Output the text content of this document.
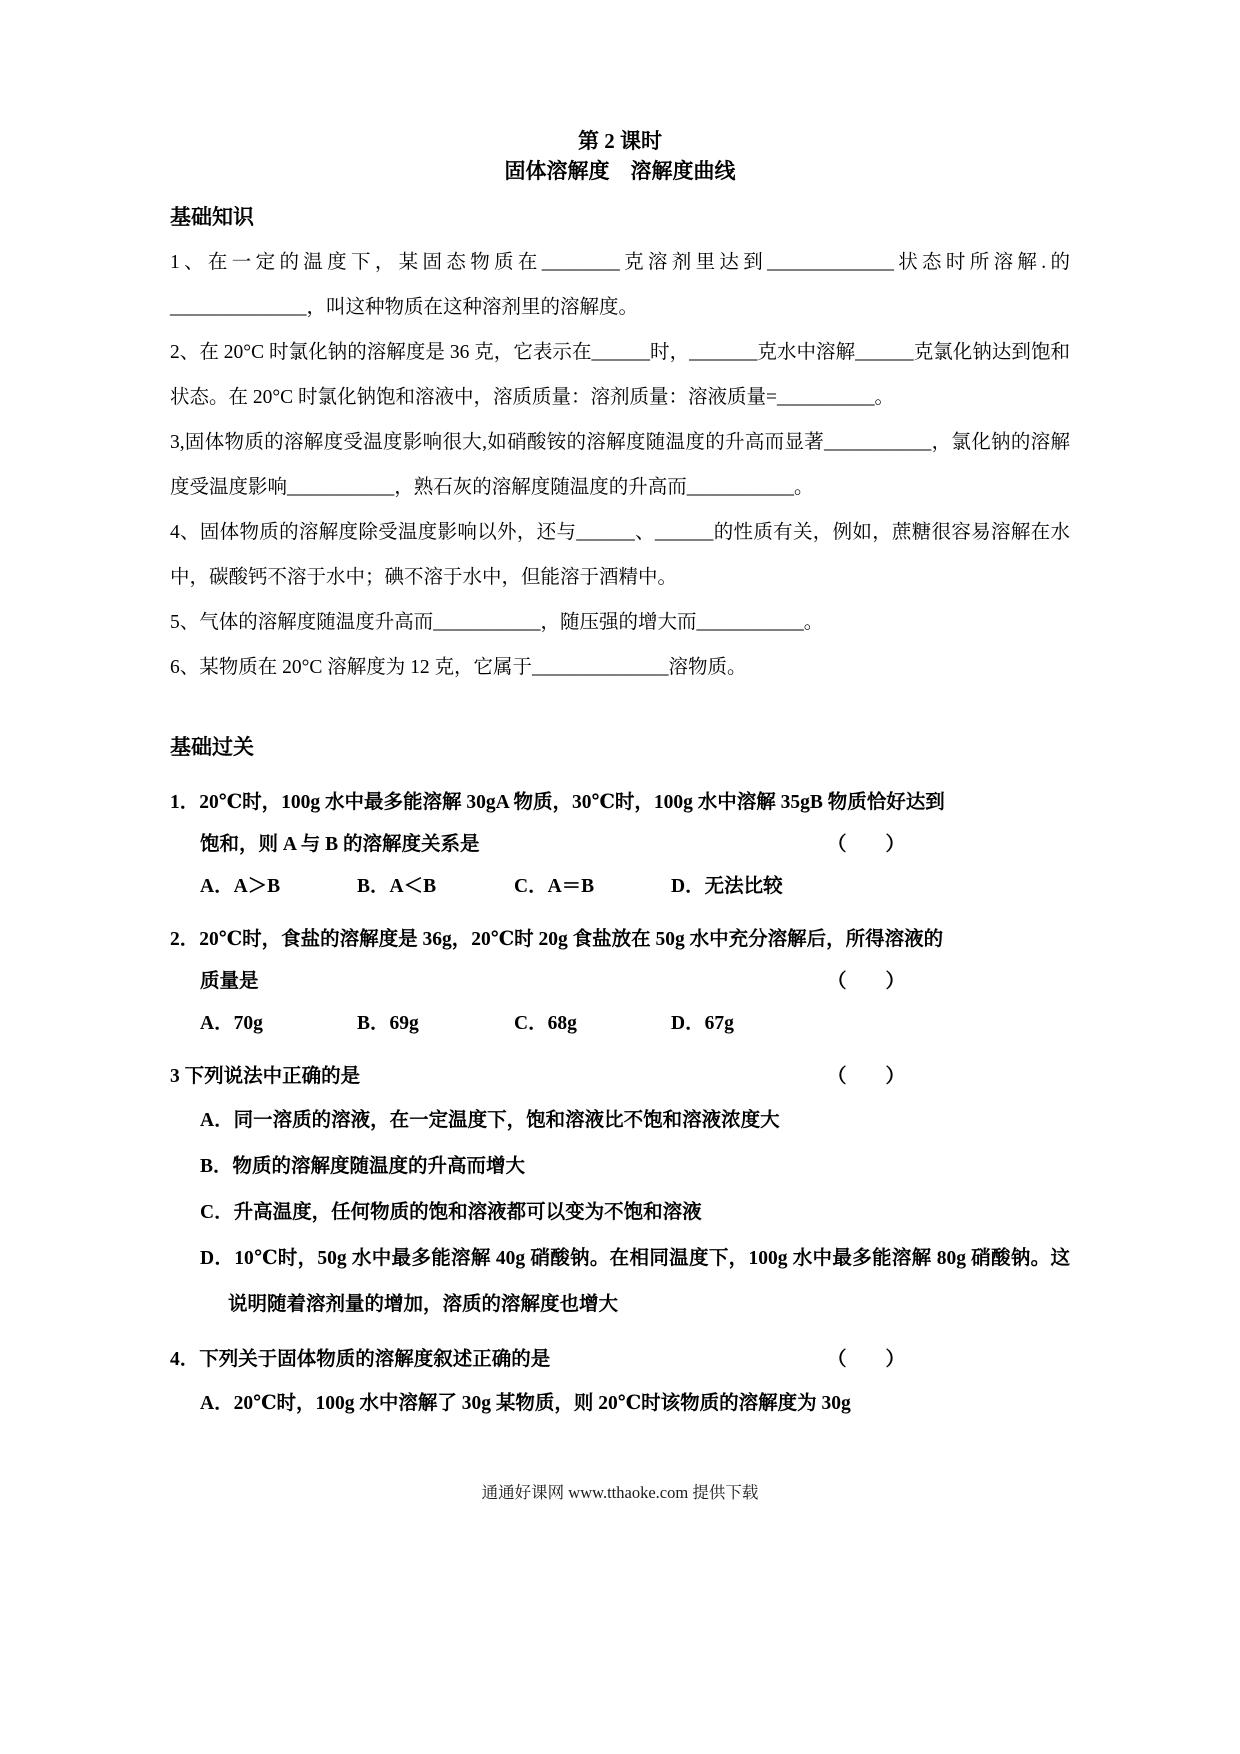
第 2 课时
固体溶解度　溶解度曲线
基础知识

1、在一定的温度下，某固态物质在________克溶剂里达到_____________状态时所溶解.的______________，叫这种物质在这种溶剂里的溶解度。

2、在 20°C 时氯化钠的溶解度是 36 克，它表示在______时，_______克水中溶解______克氯化钠达到饱和状态。在 20°C 时氯化钠饱和溶液中，溶质质量：溶剂质量：溶液质量=__________。

3,固体物质的溶解度受温度影响很大,如硝酸铵的溶解度随温度的升高而显著___________，氯化钠的溶解度受温度影响___________，熟石灰的溶解度随温度的升高而___________。

4、固体物质的溶解度除受温度影响以外，还与______、______的性质有关，例如，蔗糖很容易溶解在水中，碳酸钙不溶于水中；碘不溶于水中，但能溶于酒精中。

5、气体的溶解度随温度升高而___________，随压强的增大而___________。

6、某物质在 20°C 溶解度为 12 克，它属于______________溶物质。

基础过关
1．20℃时，100g 水中最多能溶解 30gA 物质，30℃时，100g 水中溶解 35gB 物质恰好达到
饱和，则 A 与 B 的溶解度关系是	（　　）
A．A＞B	B．A＜B	C．A＝B	D．无法比较
2．20℃时，食盐的溶解度是 36g，20℃时 20g 食盐放在 50g 水中充分溶解后，所得溶液的
质量是	（　　）
A．70g	B．69g	C．68g	D．67g
3 下列说法中正确的是	（　　）
A．同一溶质的溶液，在一定温度下，饱和溶液比不饱和溶液浓度大
B．物质的溶解度随温度的升高而增大
C．升高温度，任何物质的饱和溶液都可以变为不饱和溶液
D．10℃时，50g 水中最多能溶解 40g 硝酸钠。在相同温度下，100g 水中最多能溶解 80g 硝酸钠。这说明随着溶剂量的增加，溶质的溶解度也增大
4．下列关于固体物质的溶解度叙述正确的是	（　　）
A．20℃时，100g 水中溶解了 30g 某物质，则 20℃时该物质的溶解度为 30g
通通好课网 www.tthaoke.com 提供下载
